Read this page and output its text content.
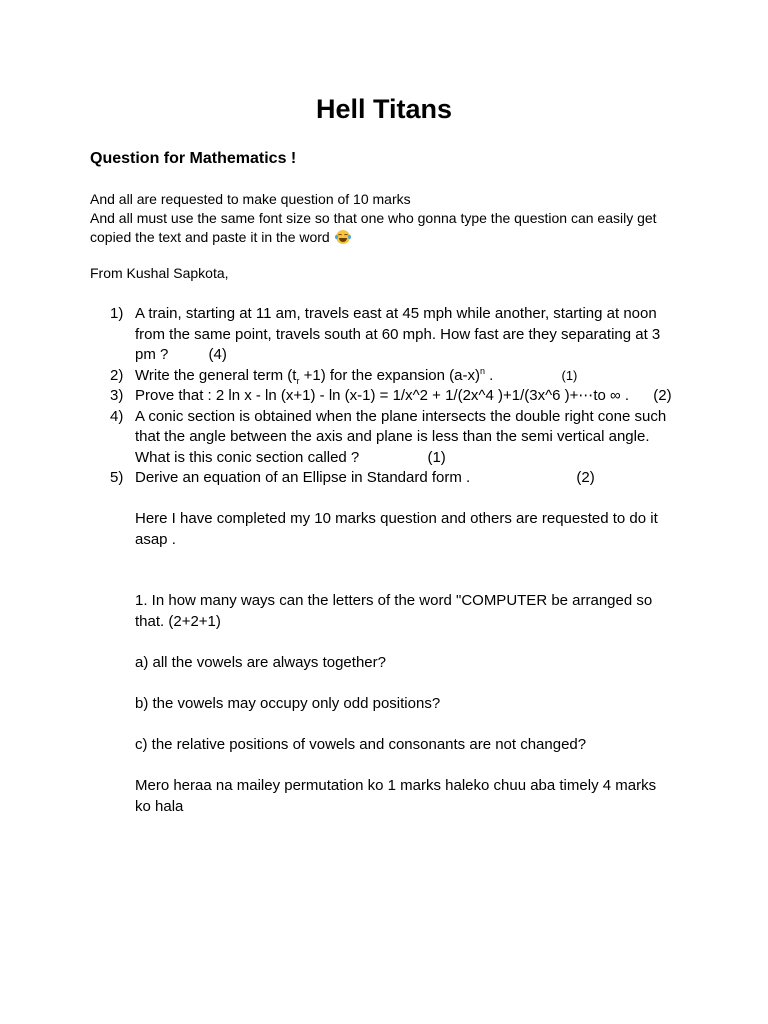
Hell Titans
Question for Mathematics !

And all are requested to make question of 10 marks

And all must use the same font size so that one who gonna type the question can easily get copied the text and paste it in the word

From Kushal Sapkota,
1) A train, starting at 11 am, travels east at 45 mph while another, starting at noon from the same point, travels south at 60 mph. How fast are they separating at 3 pm ?	(4)
2) Write the general term $(t_r +1)$ for the expansion $(a-x)^n$ .	(1)
3) Prove that : 2 ln x - ln (x+1) - ln (x-1) = 1/x^2 + 1/(2x^4 )+1/(3x^6 )+⋯to ∞ . (2)
4) A conic section is obtained when the plane intersects the double right cone such that the angle between the axis and plane is less than the semi vertical angle. What is this conic section called ?	(1)
5) Derive an equation of an Ellipse in Standard form .	(2)
Here I have completed my 10 marks question and others are requested to do it asap .
1. In how many ways can the letters of the word "COMPUTER be arranged so that. (2+2+1)
a) all the vowels are always together?
b) the vowels may occupy only odd positions?
c) the relative positions of vowels and consonants are not changed?
Mero heraa na mailey permutation ko 1 marks haleko chuu aba timely 4 marks ko hala
